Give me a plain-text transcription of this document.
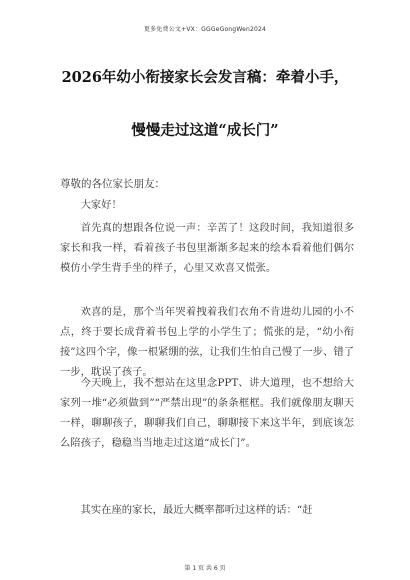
更多免费公文+VX：GGGeGongWen2024
2026年幼小衔接家长会发言稿：牵着小手，
慢慢走过这道“成长门”
尊敬的各位家长朋友：

大家好！

首先真的想跟各位说一声：辛苦了！这段时间，我知道很多家长和我一样，看着孩子书包里渐渐多起来的绘本看着他们偶尔模仿小学生背手坐的样子，心里又欢喜又慌张。

欢喜的是，那个当年哭着拽着我们衣角不肯进幼儿园的小不点，终于要长成背着书包上学的小学生了；慌张的是，“幼小衔接”这四个字，像一根紧绷的弦，让我们生怕自己慢了一步、错了一步，耽误了孩子。

今天晚上，我不想站在这里念PPT、讲大道理，也不想给大家列一堆“必须做到”“严禁出现”的条条框框。我们就像朋友聊天一样，聊聊孩子，聊聊我们自己，聊聊接下来这半年，到底该怎么陪孩子，稳稳当当地走过这道“成长门”。

其实在座的家长，最近大概率都听过这样的话：“赶

第 1 页 共 6 页
